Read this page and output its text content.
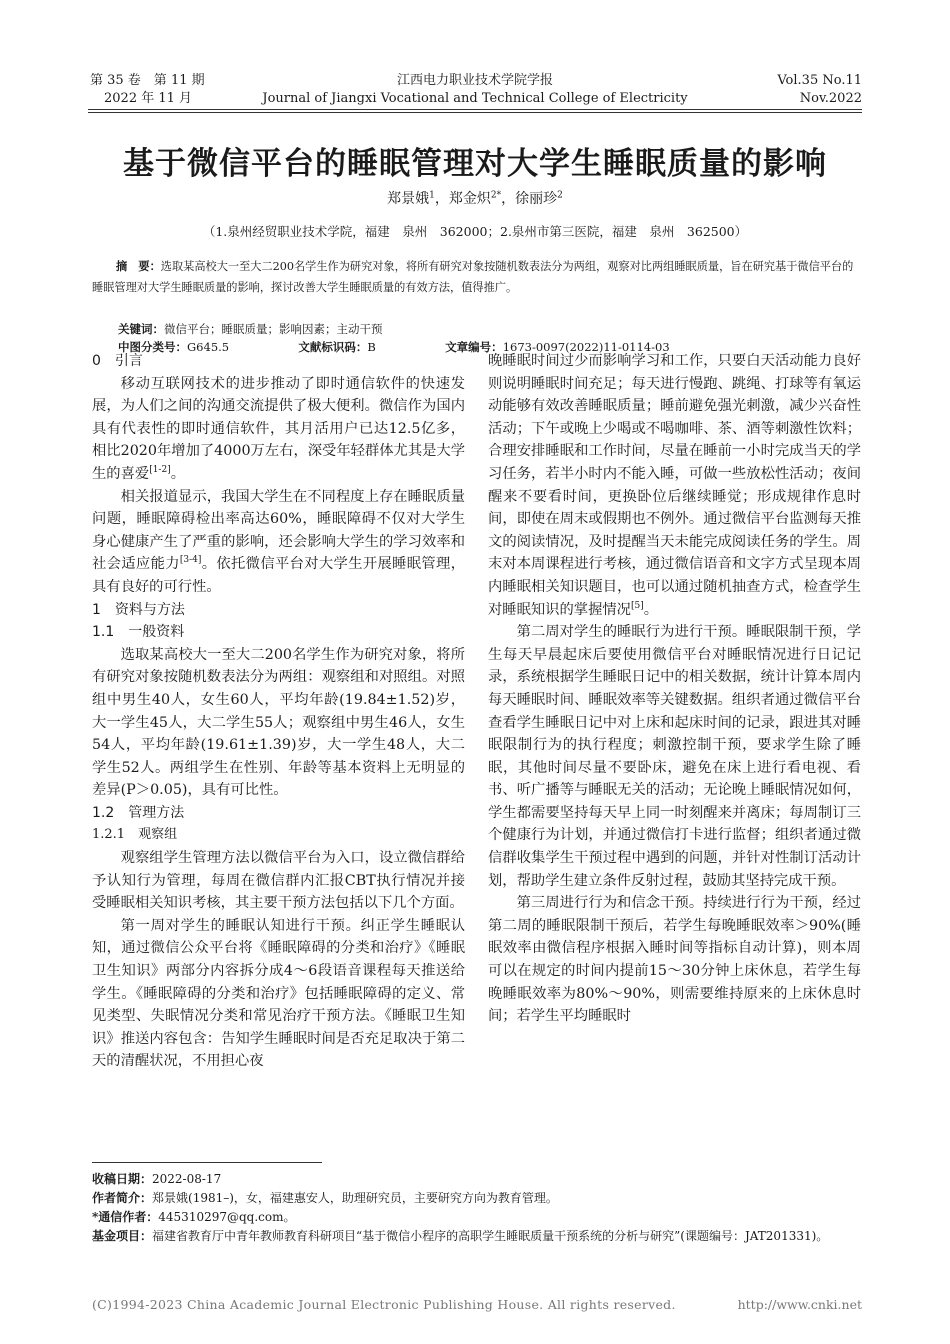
第 35 卷　第 11 期
2022 年 11 月
江西电力职业技术学院学报
Journal of Jiangxi Vocational and Technical College of Electricity
Vol.35 No.11
Nov.2022
基于微信平台的睡眠管理对大学生睡眠质量的影响
郑景娥$^1$，郑金炽$^{2*}$，徐丽珍$^2$
（1.泉州经贸职业技术学院，福建　泉州　362000；2.泉州市第三医院，福建　泉州　362500）
摘　要：选取某高校大一至大二200名学生作为研究对象，将所有研究对象按随机数表法分为两组，观察对比两组睡眠质量，旨在研究基于微信平台的睡眠管理对大学生睡眠质量的影响，探讨改善大学生睡眠质量的有效方法，值得推广。
关键词：微信平台；睡眠质量；影响因素；主动干预
中图分类号：G645.5	文献标识码：B	文章编号：1673-0097(2022)11-0114-03

0　引言

移动互联网技术的进步推动了即时通信软件的快速发展，为人们之间的沟通交流提供了极大便利。微信作为国内具有代表性的即时通信软件，其月活用户已达12.5亿多，相比2020年增加了4000万左右，深受年轻群体尤其是大学生的喜爱[1-2]。

相关报道显示，我国大学生在不同程度上存在睡眠质量问题，睡眠障碍检出率高达60%，睡眠障碍不仅对大学生身心健康产生了严重的影响，还会影响大学生的学习效率和社会适应能力[3-4]。依托微信平台对大学生开展睡眠管理，具有良好的可行性。

1　资料与方法

1.1　一般资料

选取某高校大一至大二200名学生作为研究对象，将所有研究对象按随机数表法分为两组：观察组和对照组。对照组中男生40人，女生60人，平均年龄(19.84±1.52)岁，大一学生45人，大二学生55人；观察组中男生46人，女生54人，平均年龄(19.61±1.39)岁，大一学生48人，大二学生52人。两组学生在性别、年龄等基本资料上无明显的差异(P＞0.05)，具有可比性。

1.2　管理方法

1.2.1　观察组

观察组学生管理方法以微信平台为入口，设立微信群给予认知行为管理，每周在微信群内汇报CBT执行情况并接受睡眠相关知识考核，其主要干预方法包括以下几个方面。

第一周对学生的睡眠认知进行干预。纠正学生睡眠认知，通过微信公众平台将《睡眠障碍的分类和治疗》《睡眠卫生知识》两部分内容拆分成4～6段语音课程每天推送给学生。《睡眠障碍的分类和治疗》包括睡眠障碍的定义、常见类型、失眠情况分类和常见治疗干预方法。《睡眠卫生知识》推送内容包含：告知学生睡眠时间是否充足取决于第二天的清醒状况，不用担心夜

晚睡眠时间过少而影响学习和工作，只要白天活动能力良好则说明睡眠时间充足；每天进行慢跑、跳绳、打球等有氧运动能够有效改善睡眠质量；睡前避免强光刺激，减少兴奋性活动；下午或晚上少喝或不喝咖啡、茶、酒等刺激性饮料；合理安排睡眠和工作时间，尽量在睡前一小时完成当天的学习任务，若半小时内不能入睡，可做一些放松性活动；夜间醒来不要看时间，更换卧位后继续睡觉；形成规律作息时间，即使在周末或假期也不例外。通过微信平台监测每天推文的阅读情况，及时提醒当天未能完成阅读任务的学生。周末对本周课程进行考核，通过微信语音和文字方式呈现本周内睡眠相关知识题目，也可以通过随机抽查方式，检查学生对睡眠知识的掌握情况[5]。

第二周对学生的睡眠行为进行干预。睡眠限制干预，学生每天早晨起床后要使用微信平台对睡眠情况进行日记记录，系统根据学生睡眠日记中的相关数据，统计计算本周内每天睡眠时间、睡眠效率等关键数据。组织者通过微信平台查看学生睡眠日记中对上床和起床时间的记录，跟进其对睡眠限制行为的执行程度；刺激控制干预，要求学生除了睡眠，其他时间尽量不要卧床，避免在床上进行看电视、看书、听广播等与睡眠无关的活动；无论晚上睡眠情况如何，学生都需要坚持每天早上同一时刻醒来并离床；每周制订三个健康行为计划，并通过微信打卡进行监督；组织者通过微信群收集学生干预过程中遇到的问题，并针对性制订活动计划，帮助学生建立条件反射过程，鼓励其坚持完成干预。

第三周进行行为和信念干预。持续进行行为干预，经过第二周的睡眠限制干预后，若学生每晚睡眠效率＞90%(睡眠效率由微信程序根据入睡时间等指标自动计算)，则本周可以在规定的时间内提前15～30分钟上床休息，若学生每晚睡眠效率为80%～90%，则需要维持原来的上床休息时间；若学生平均睡眠时

收稿日期：2022-08-17
作者简介：郑景娥(1981–)，女，福建惠安人，助理研究员，主要研究方向为教育管理。
*通信作者：445310297@qq.com。
基金项目：福建省教育厅中青年教师教育科研项目“基于微信小程序的高职学生睡眠质量干预系统的分析与研究”(课题编号：JAT201331)。
(C)1994-2023 China Academic Journal Electronic Publishing House. All rights reserved.	http://www.cnki.net
